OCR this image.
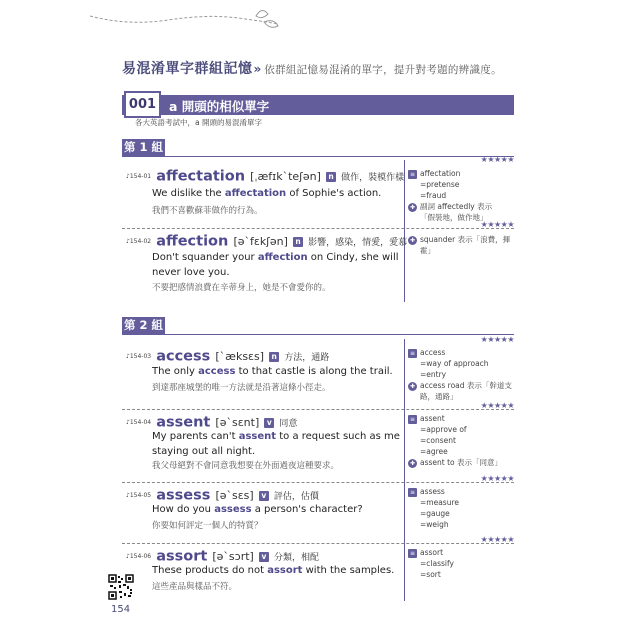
易混淆單字群組記憶» 依群組記憶易混淆的單字，提升對考題的辨識度。
001	a 開頭的相似單字
各大英語考試中，a 開頭的易混淆單字
第 1 組
★★★★★
♪154-01 affectation [ˌæfɪkˋteʃən] n 做作，裝模作樣
We dislike the affectation of Sophie's action.
我們不喜歡蘇菲做作的行為。
≡ affectation
=pretense
=fraud
✚ 副詞 affectedly 表示
「假裝地，做作地」
★★★★★
♪154-02 affection [əˋfɛkʃən] n 影響，感染，情愛，愛慕
Don't squander your affection on Cindy, she will never love you.
不要把感情浪費在辛蒂身上，她是不會愛你的。
✚ squander 表示「浪費，揮
霍」
第 2 組
★★★★★
♪154-03 access [ˋæksɛs] n 方法，通路
The only access to that castle is along the trail.
到達那座城堡的唯一方法就是沿著這條小徑走。
≡ access
=way of approach
=entry
✚ access road 表示「幹道支
路，通路」
★★★★★
♪154-04 assent [əˋsɛnt] v 同意
My parents can't assent to a request such as me staying out all night.
我父母絕對不會同意我想要在外面過夜這種要求。
≡ assent
=approve of
=consent
=agree
✚ assent to 表示「同意」
★★★★★
♪154-05 assess [əˋsɛs] v 評估，估價
How do you assess a person's character?
你要如何評定一個人的特質？
≡ assess
=measure
=gauge
=weigh
★★★★★
♪154-06 assort [əˋsɔrt] v 分類，相配
These products do not assort with the samples.
這些產品與樣品不符。
≡ assort
=classify
=sort
154
